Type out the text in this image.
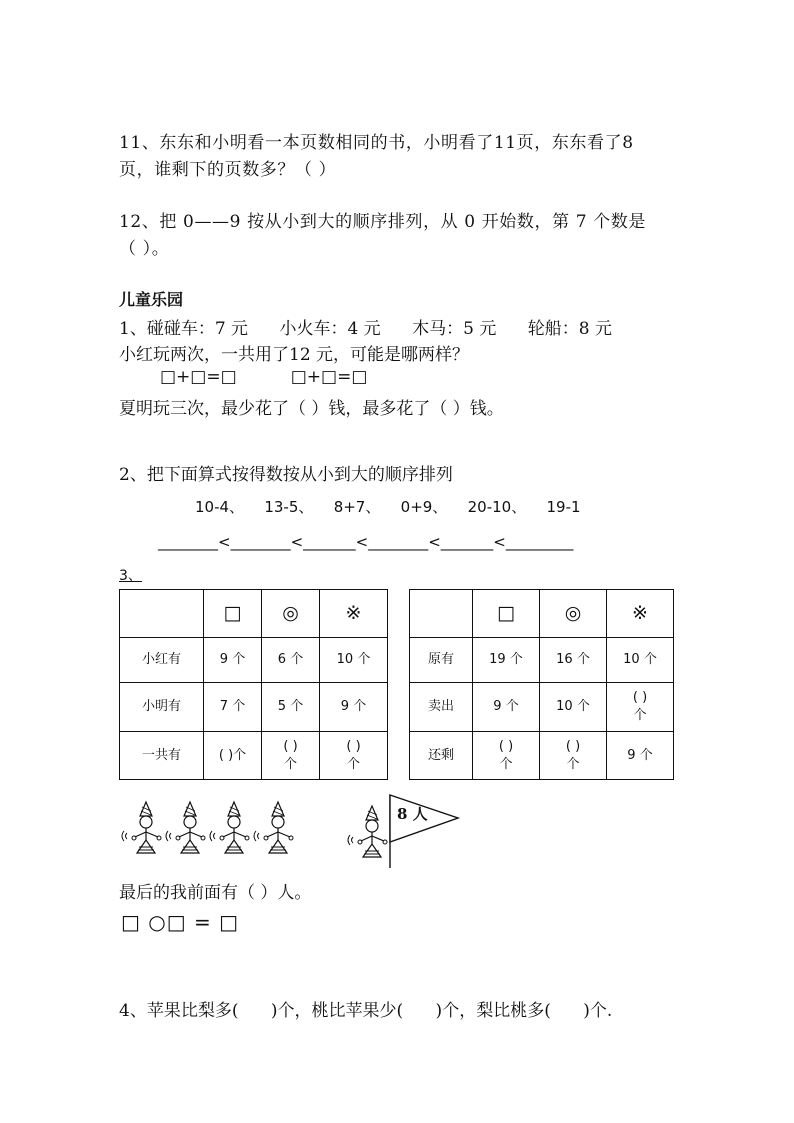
11、东东和小明看一本页数相同的书，小明看了11页，东东看了8
页，谁剩下的页数多？（ ）
12、把 0——9 按从小到大的顺序排列，从 0 开始数，第 7 个数是
（ ）。
儿童乐园
1、碰碰车：7 元 小火车：4 元 木马：5 元 轮船：8 元
小红玩两次，一共用了12 元，可能是哪两样？
□+□=□          □+□=□
夏明玩三次，最少花了（ ）钱，最多花了（ ）钱。
2、把下面算式按得数按从小到大的顺序排列
10-4、   13-5、   8+7、   0+9、   20-10、   19-1
________<________<_______<________<_______<_________
3、
	□	◎	※
小红有	9 个	6 个	10 个
小明有	7 个	5 个	9 个
一共有	( )个	( )
个	( )
个
	□	◎	※
原有	19 个	16 个	10 个
卖出	9 个	10 个	( )
个
还剩	( )
个	( )
个	9 个
8 人
最后的我前面有（ ）人。
□ ○□ = □
4、苹果比梨多(      )个，桃比苹果少(      )个，梨比桃多(      )个.
